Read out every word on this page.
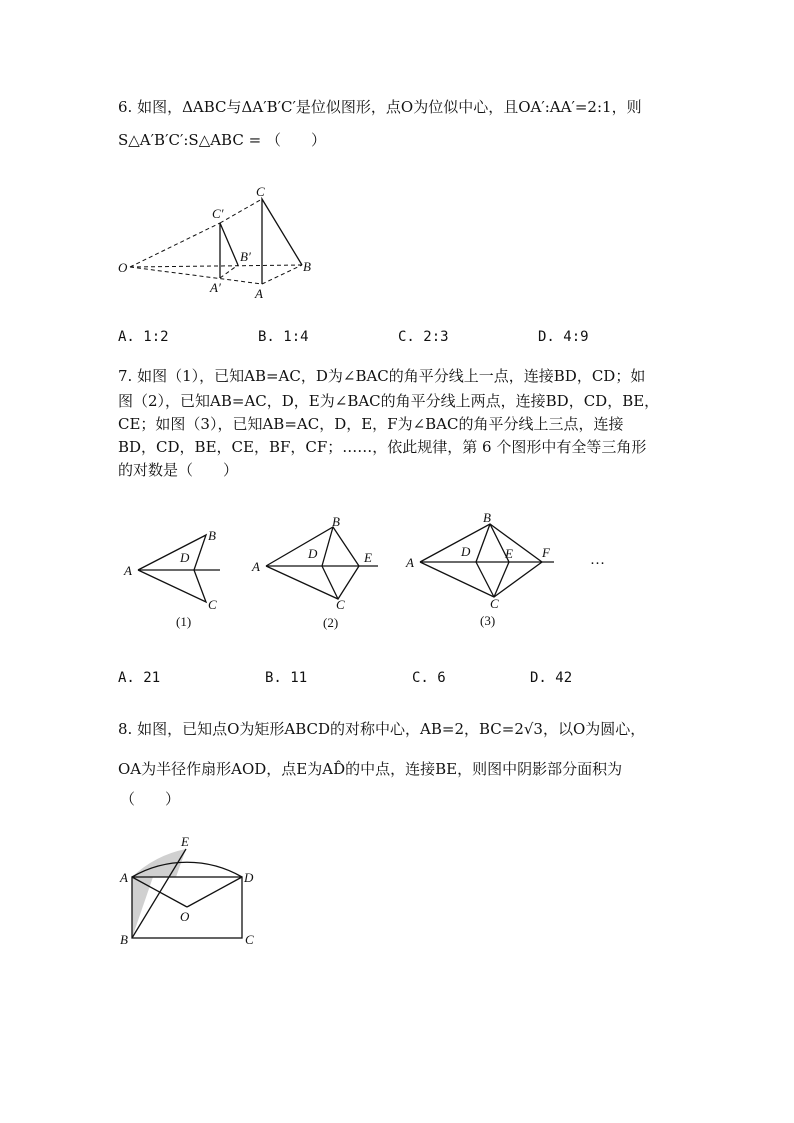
6. 如图，ΔABC与ΔA′B′C′是位似图形，点O为位似中心，且OA′:AA′=2:1，则
S△A′B′C′:S△ABC = （　　）
O
C′
C
B′
B
A′	A
A. 1:2	B. 1:4	C. 2:3	D. 4:9
7. 如图（1），已知AB=AC，D为∠BAC的角平分线上一点，连接BD，CD；如
图（2），已知AB=AC，D，E为∠BAC的角平分线上两点，连接BD，CD，BE，
CE；如图（3），已知AB=AC，D，E，F为∠BAC的角平分线上三点，连接
BD，CD，BE，CE，BF，CF；……，依此规律，第 6 个图形中有全等三角形
的对数是（　　）
A
B
C
D
(1)
A
B
C
D	E
(2)
A
B
C
D	E F
(3)
…
A. 21	B. 11	C. 6	D. 42
8. 如图，已知点O为矩形ABCD的对称中心，AB=2，BC=2√3，以O为圆心，
OA为半径作扇形AOD，点E为AD̂的中点，连接BE，则图中阴影部分面积为
（　　）
A
B	C
D
E
O
